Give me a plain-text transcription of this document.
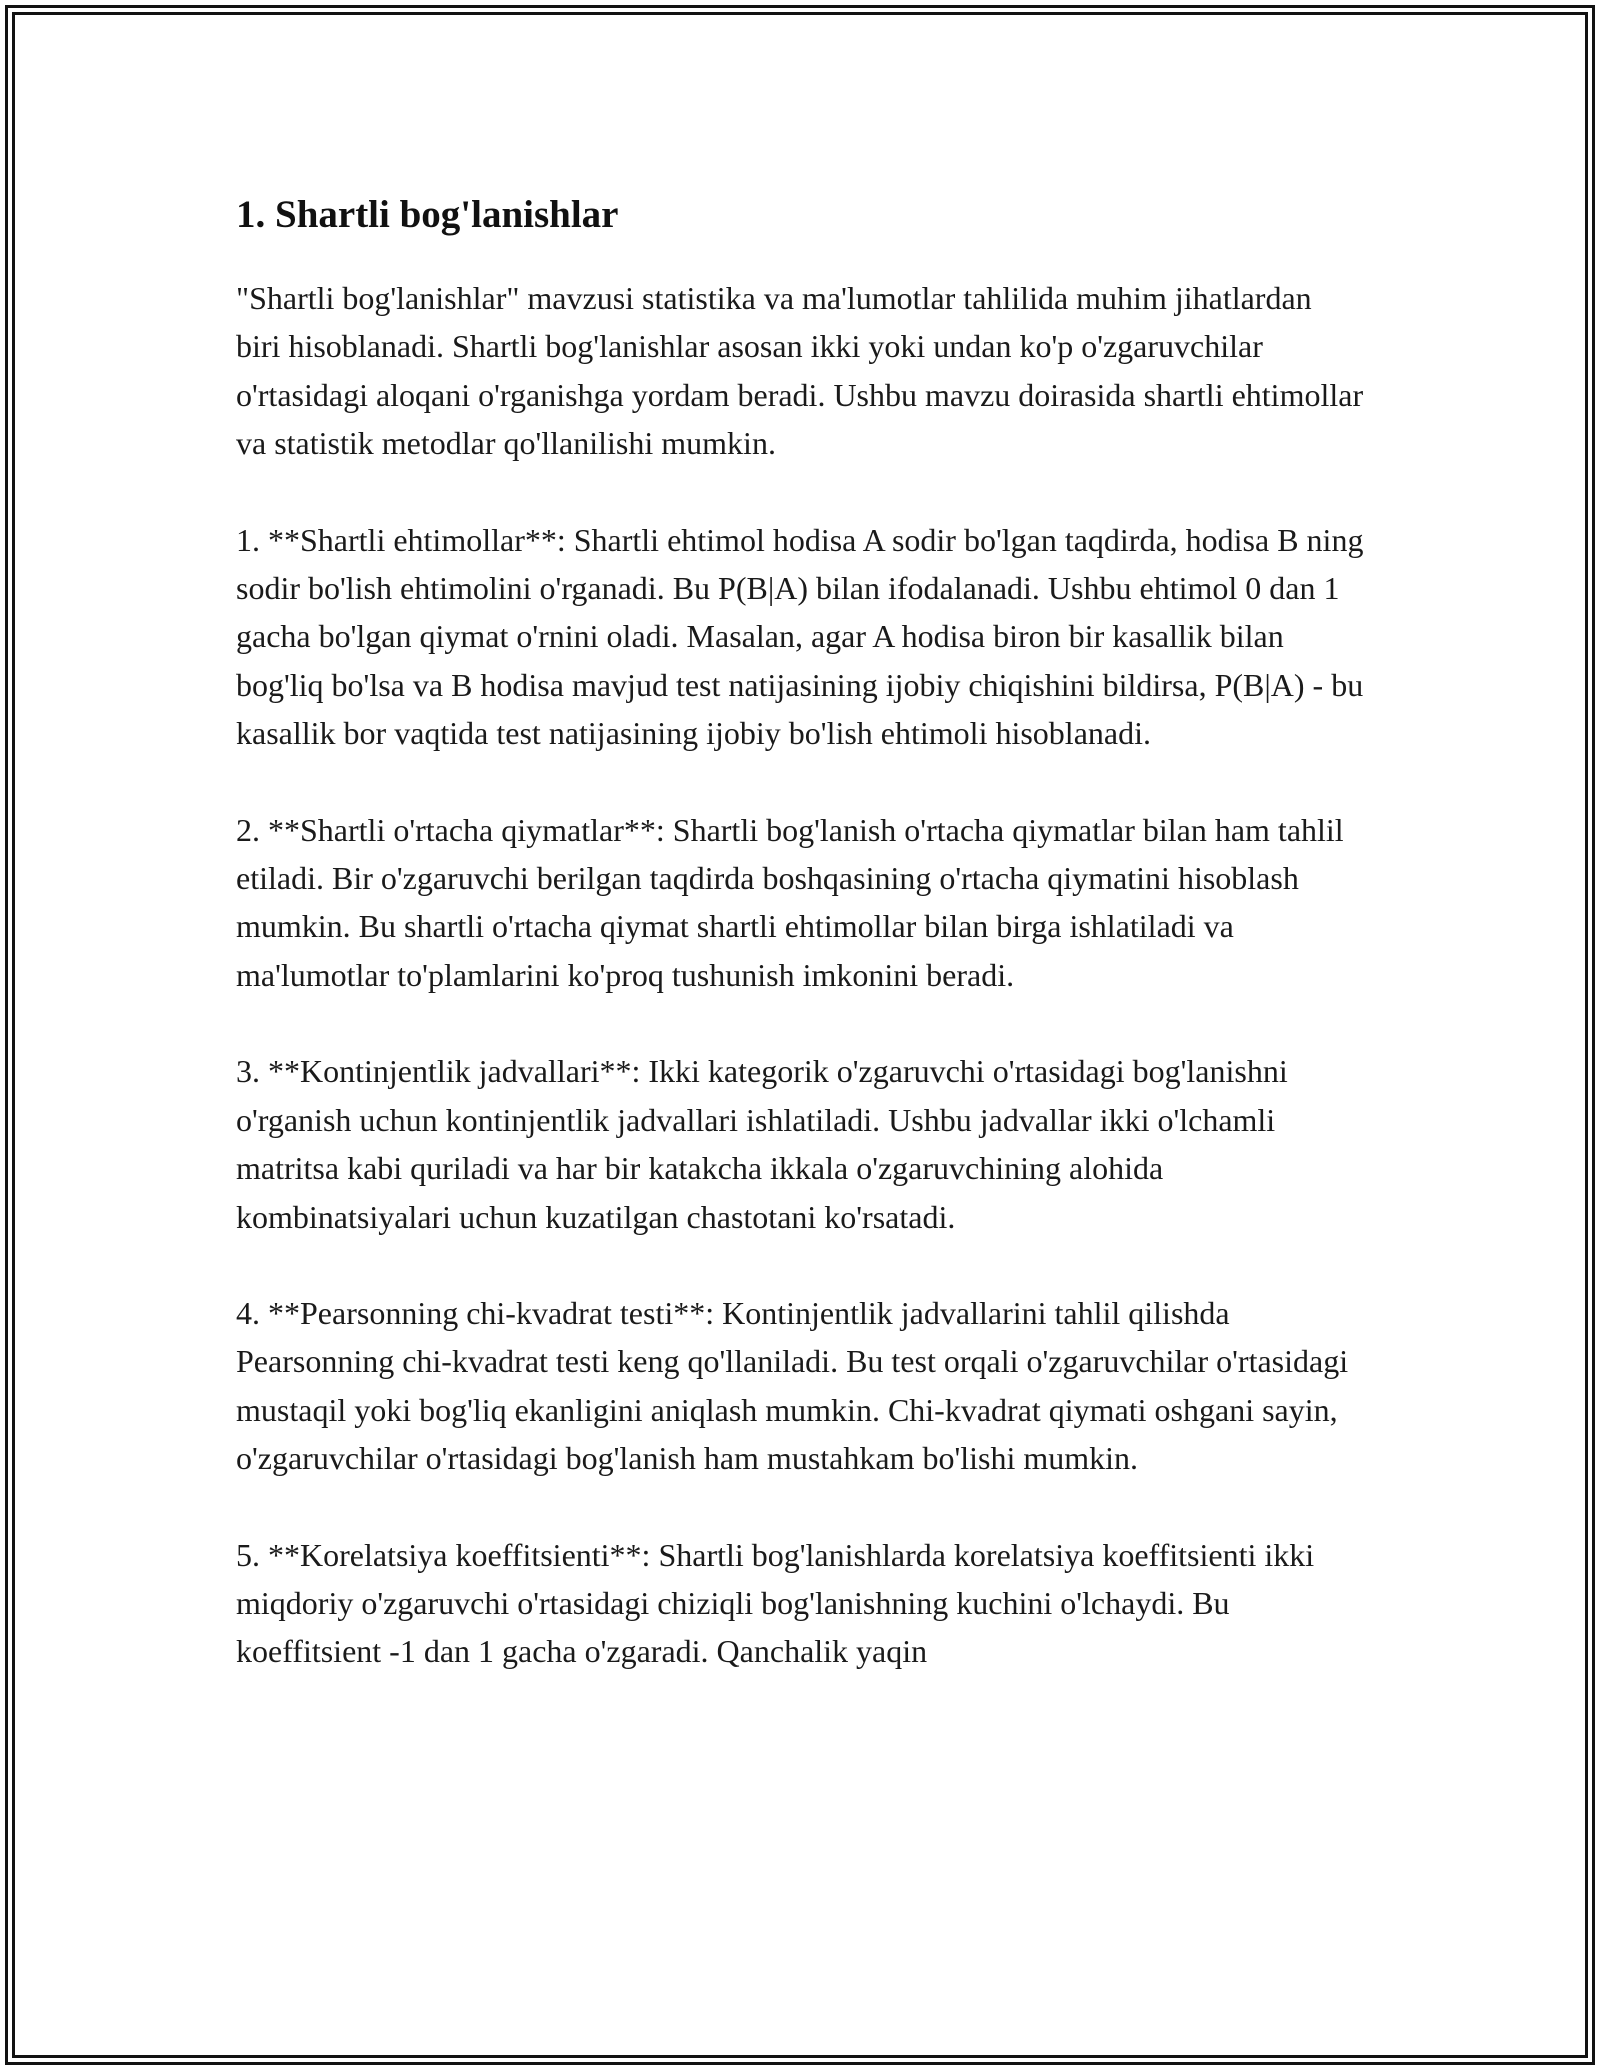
1. Shartli bog'lanishlar

"Shartli bog'lanishlar" mavzusi statistika va ma'lumotlar tahlilida muhim jihatlardan biri hisoblanadi. Shartli bog'lanishlar asosan ikki yoki undan ko'p o'zgaruvchilar o'rtasidagi aloqani o'rganishga yordam beradi. Ushbu mavzu doirasida shartli ehtimollar va statistik metodlar qo'llanilishi mumkin.

1. **Shartli ehtimollar**: Shartli ehtimol hodisa A sodir bo'lgan taqdirda, hodisa B ning sodir bo'lish ehtimolini o'rganadi. Bu P(B|A) bilan ifodalanadi. Ushbu ehtimol 0 dan 1 gacha bo'lgan qiymat o'rnini oladi. Masalan, agar A hodisa biron bir kasallik bilan bog'liq bo'lsa va B hodisa mavjud test natijasining ijobiy chiqishini bildirsa, P(B|A) - bu kasallik bor vaqtida test natijasining ijobiy bo'lish ehtimoli hisoblanadi.

2. **Shartli o'rtacha qiymatlar**: Shartli bog'lanish o'rtacha qiymatlar bilan ham tahlil etiladi. Bir o'zgaruvchi berilgan taqdirda boshqasining o'rtacha qiymatini hisoblash mumkin. Bu shartli o'rtacha qiymat shartli ehtimollar bilan birga ishlatiladi va ma'lumotlar to'plamlarini ko'proq tushunish imkonini beradi.

3. **Kontinjentlik jadvallari**: Ikki kategorik o'zgaruvchi o'rtasidagi bog'lanishni o'rganish uchun kontinjentlik jadvallari ishlatiladi. Ushbu jadvallar ikki o'lchamli matritsa kabi quriladi va har bir katakcha ikkala o'zgaruvchining alohida kombinatsiyalari uchun kuzatilgan chastotani ko'rsatadi.

4. **Pearsonning chi-kvadrat testi**: Kontinjentlik jadvallarini tahlil qilishda Pearsonning chi-kvadrat testi keng qo'llaniladi. Bu test orqali o'zgaruvchilar o'rtasidagi mustaqil yoki bog'liq ekanligini aniqlash mumkin. Chi-kvadrat qiymati oshgani sayin, o'zgaruvchilar o'rtasidagi bog'lanish ham mustahkam bo'lishi mumkin.

5. **Korelatsiya koeffitsienti**: Shartli bog'lanishlarda korelatsiya koeffitsienti ikki miqdoriy o'zgaruvchi o'rtasidagi chiziqli bog'lanishning kuchini o'lchaydi. Bu koeffitsient -1 dan 1 gacha o'zgaradi. Qanchalik yaqin
